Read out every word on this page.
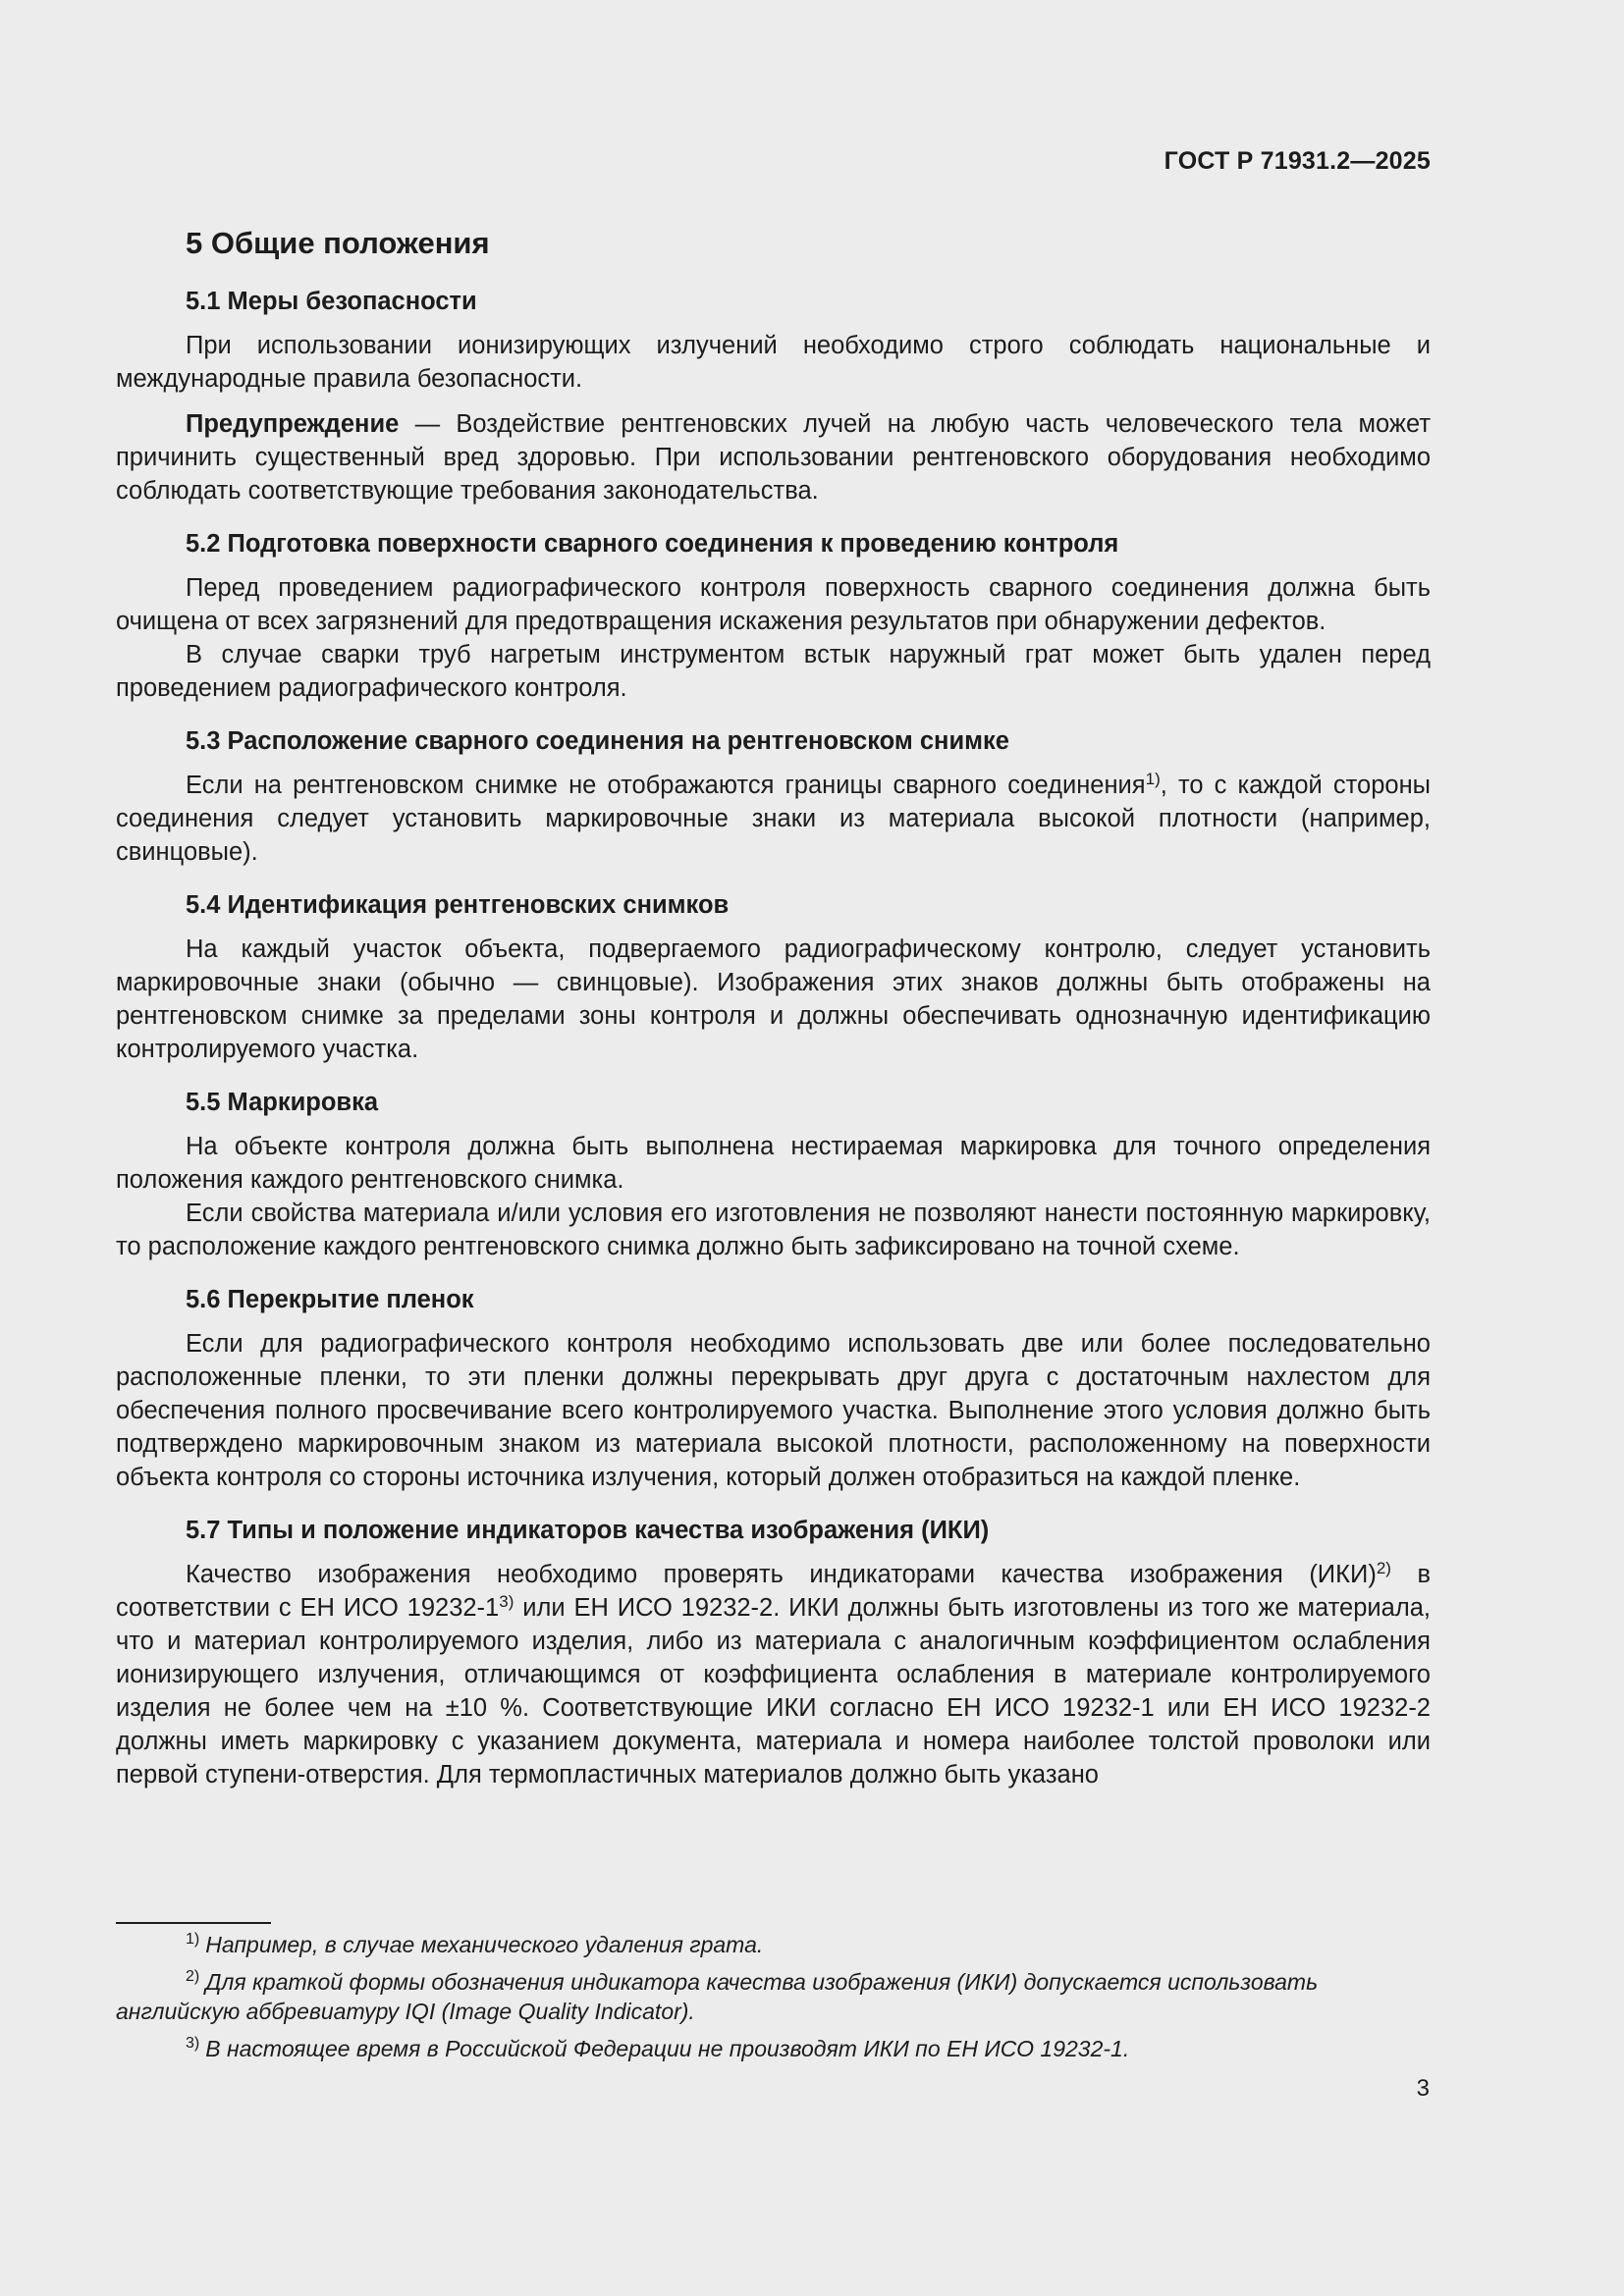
ГОСТ Р 71931.2—2025
5 Общие положения
5.1 Меры безопасности

При использовании ионизирующих излучений необходимо строго соблюдать национальные и международные правила безопасности.

Предупреждение — Воздействие рентгеновских лучей на любую часть человеческого тела может причинить существенный вред здоровью. При использовании рентгеновского оборудования необходимо соблюдать соответствующие требования законодательства.

5.2 Подготовка поверхности сварного соединения к проведению контроля

Перед проведением радиографического контроля поверхность сварного соединения должна быть очищена от всех загрязнений для предотвращения искажения результатов при обнаружении дефектов.

В случае сварки труб нагретым инструментом встык наружный грат может быть удален перед проведением радиографического контроля.

5.3 Расположение сварного соединения на рентгеновском снимке

Если на рентгеновском снимке не отображаются границы сварного соединения$^{1)}$, то с каждой стороны соединения следует установить маркировочные знаки из материала высокой плотности (например, свинцовые).

5.4 Идентификация рентгеновских снимков

На каждый участок объекта, подвергаемого радиографическому контролю, следует установить маркировочные знаки (обычно — свинцовые). Изображения этих знаков должны быть отображены на рентгеновском снимке за пределами зоны контроля и должны обеспечивать однозначную идентификацию контролируемого участка.

5.5 Маркировка

На объекте контроля должна быть выполнена нестираемая маркировка для точного определения положения каждого рентгеновского снимка.

Если свойства материала и/или условия его изготовления не позволяют нанести постоянную маркировку, то расположение каждого рентгеновского снимка должно быть зафиксировано на точной схеме.

5.6 Перекрытие пленок

Если для радиографического контроля необходимо использовать две или более последовательно расположенные пленки, то эти пленки должны перекрывать друг друга с достаточным нахлестом для обеспечения полного просвечивание всего контролируемого участка. Выполнение этого условия должно быть подтверждено маркировочным знаком из материала высокой плотности, расположенному на поверхности объекта контроля со стороны источника излучения, который должен отобразиться на каждой пленке.

5.7 Типы и положение индикаторов качества изображения (ИКИ)

Качество изображения необходимо проверять индикаторами качества изображения (ИКИ)$^{2)}$ в соответствии с ЕН ИСО 19232-1$^{3)}$ или ЕН ИСО 19232-2. ИКИ должны быть изготовлены из того же материала, что и материал контролируемого изделия, либо из материала с аналогичным коэффициентом ослабления ионизирующего излучения, отличающимся от коэффициента ослабления в материале контролируемого изделия не более чем на ±10 %. Соответствующие ИКИ согласно ЕН ИСО 19232-1 или ЕН ИСО 19232-2 должны иметь маркировку с указанием документа, материала и номера наиболее толстой проволоки или первой ступени-отверстия. Для термопластичных материалов должно быть указано

$^{1)}$ Например, в случае механического удаления грата.

$^{2)}$ Для краткой формы обозначения индикатора качества изображения (ИКИ) допускается использовать английскую аббревиатуру IQI (Image Quality Indicator).

$^{3)}$ В настоящее время в Российской Федерации не производят ИКИ по ЕН ИСО 19232-1.

3
